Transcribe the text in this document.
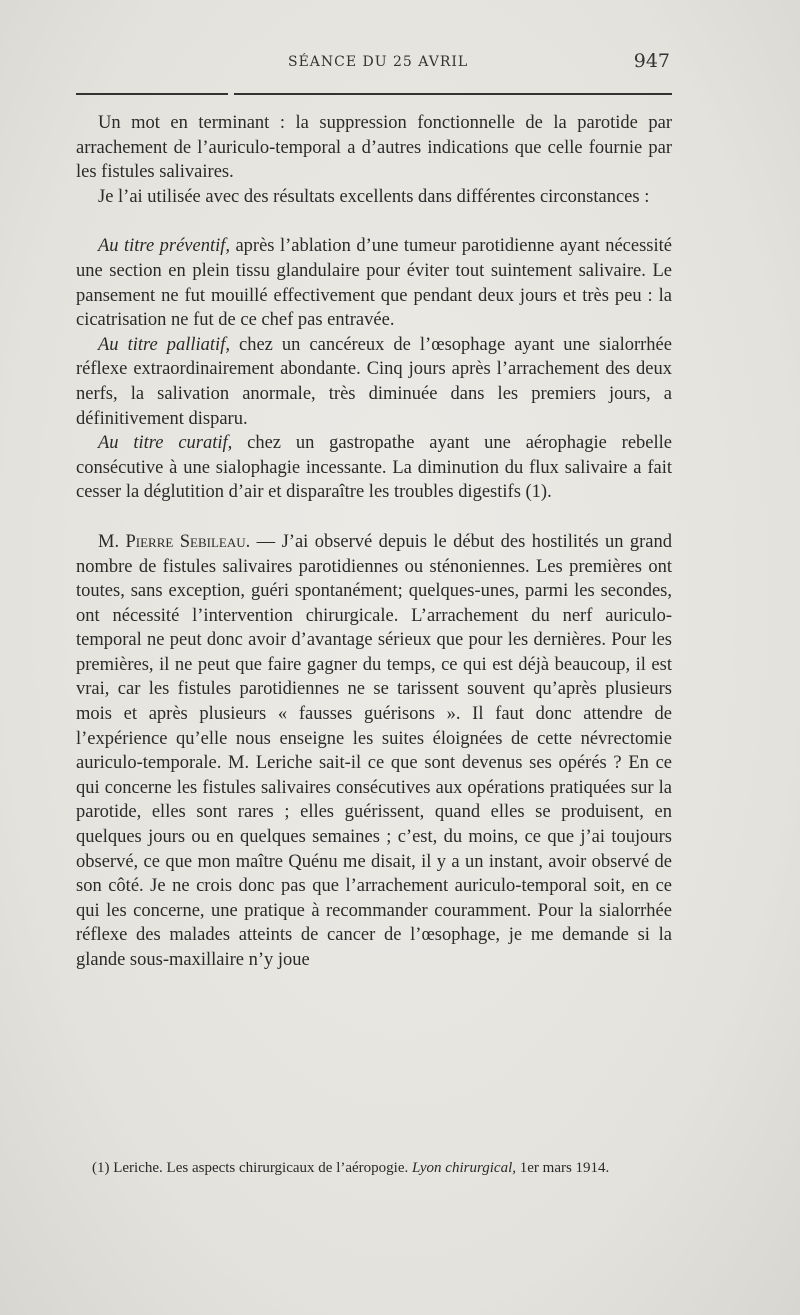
SÉANCE DU 25 AVRIL	947

Un mot en terminant : la suppression fonctionnelle de la parotide par arrachement de l’auriculo-temporal a d’autres indications que celle fournie par les fistules salivaires.

Je l’ai utilisée avec des résultats excellents dans différentes circonstances :

Au titre préventif, après l’ablation d’une tumeur parotidienne ayant nécessité une section en plein tissu glandulaire pour éviter tout suintement salivaire. Le pansement ne fut mouillé effectivement que pendant deux jours et très peu : la cicatrisation ne fut de ce chef pas entravée.

Au titre palliatif, chez un cancéreux de l’œsophage ayant une sialorrhée réflexe extraordinairement abondante. Cinq jours après l’arrachement des deux nerfs, la salivation anormale, très diminuée dans les premiers jours, a définitivement disparu.

Au titre curatif, chez un gastropathe ayant une aérophagie rebelle consécutive à une sialophagie incessante. La diminution du flux salivaire a fait cesser la déglutition d’air et disparaître les troubles digestifs (1).

M. Pierre Sebileau. — J’ai observé depuis le début des hostilités un grand nombre de fistules salivaires parotidiennes ou sténoniennes. Les premières ont toutes, sans exception, guéri spontanément; quelques-unes, parmi les secondes, ont nécessité l’intervention chirurgicale. L’arrachement du nerf auriculo-temporal ne peut donc avoir d’avantage sérieux que pour les dernières. Pour les premières, il ne peut que faire gagner du temps, ce qui est déjà beaucoup, il est vrai, car les fistules parotidiennes ne se tarissent souvent qu’après plusieurs mois et après plusieurs « fausses guérisons ». Il faut donc attendre de l’expérience qu’elle nous enseigne les suites éloignées de cette névrectomie auriculo-temporale. M. Leriche sait-il ce que sont devenus ses opérés ? En ce qui concerne les fistules salivaires consécutives aux opérations pratiquées sur la parotide, elles sont rares ; elles guérissent, quand elles se produisent, en quelques jours ou en quelques semaines ; c’est, du moins, ce que j’ai toujours observé, ce que mon maître Quénu me disait, il y a un instant, avoir observé de son côté. Je ne crois donc pas que l’arrachement auriculo-temporal soit, en ce qui les concerne, une pratique à recommander couramment. Pour la sialorrhée réflexe des malades atteints de cancer de l’œsophage, je me demande si la glande sous-maxillaire n’y joue

(1) Leriche. Les aspects chirurgicaux de l’aéropogie. Lyon chirurgical, 1er mars 1914.
